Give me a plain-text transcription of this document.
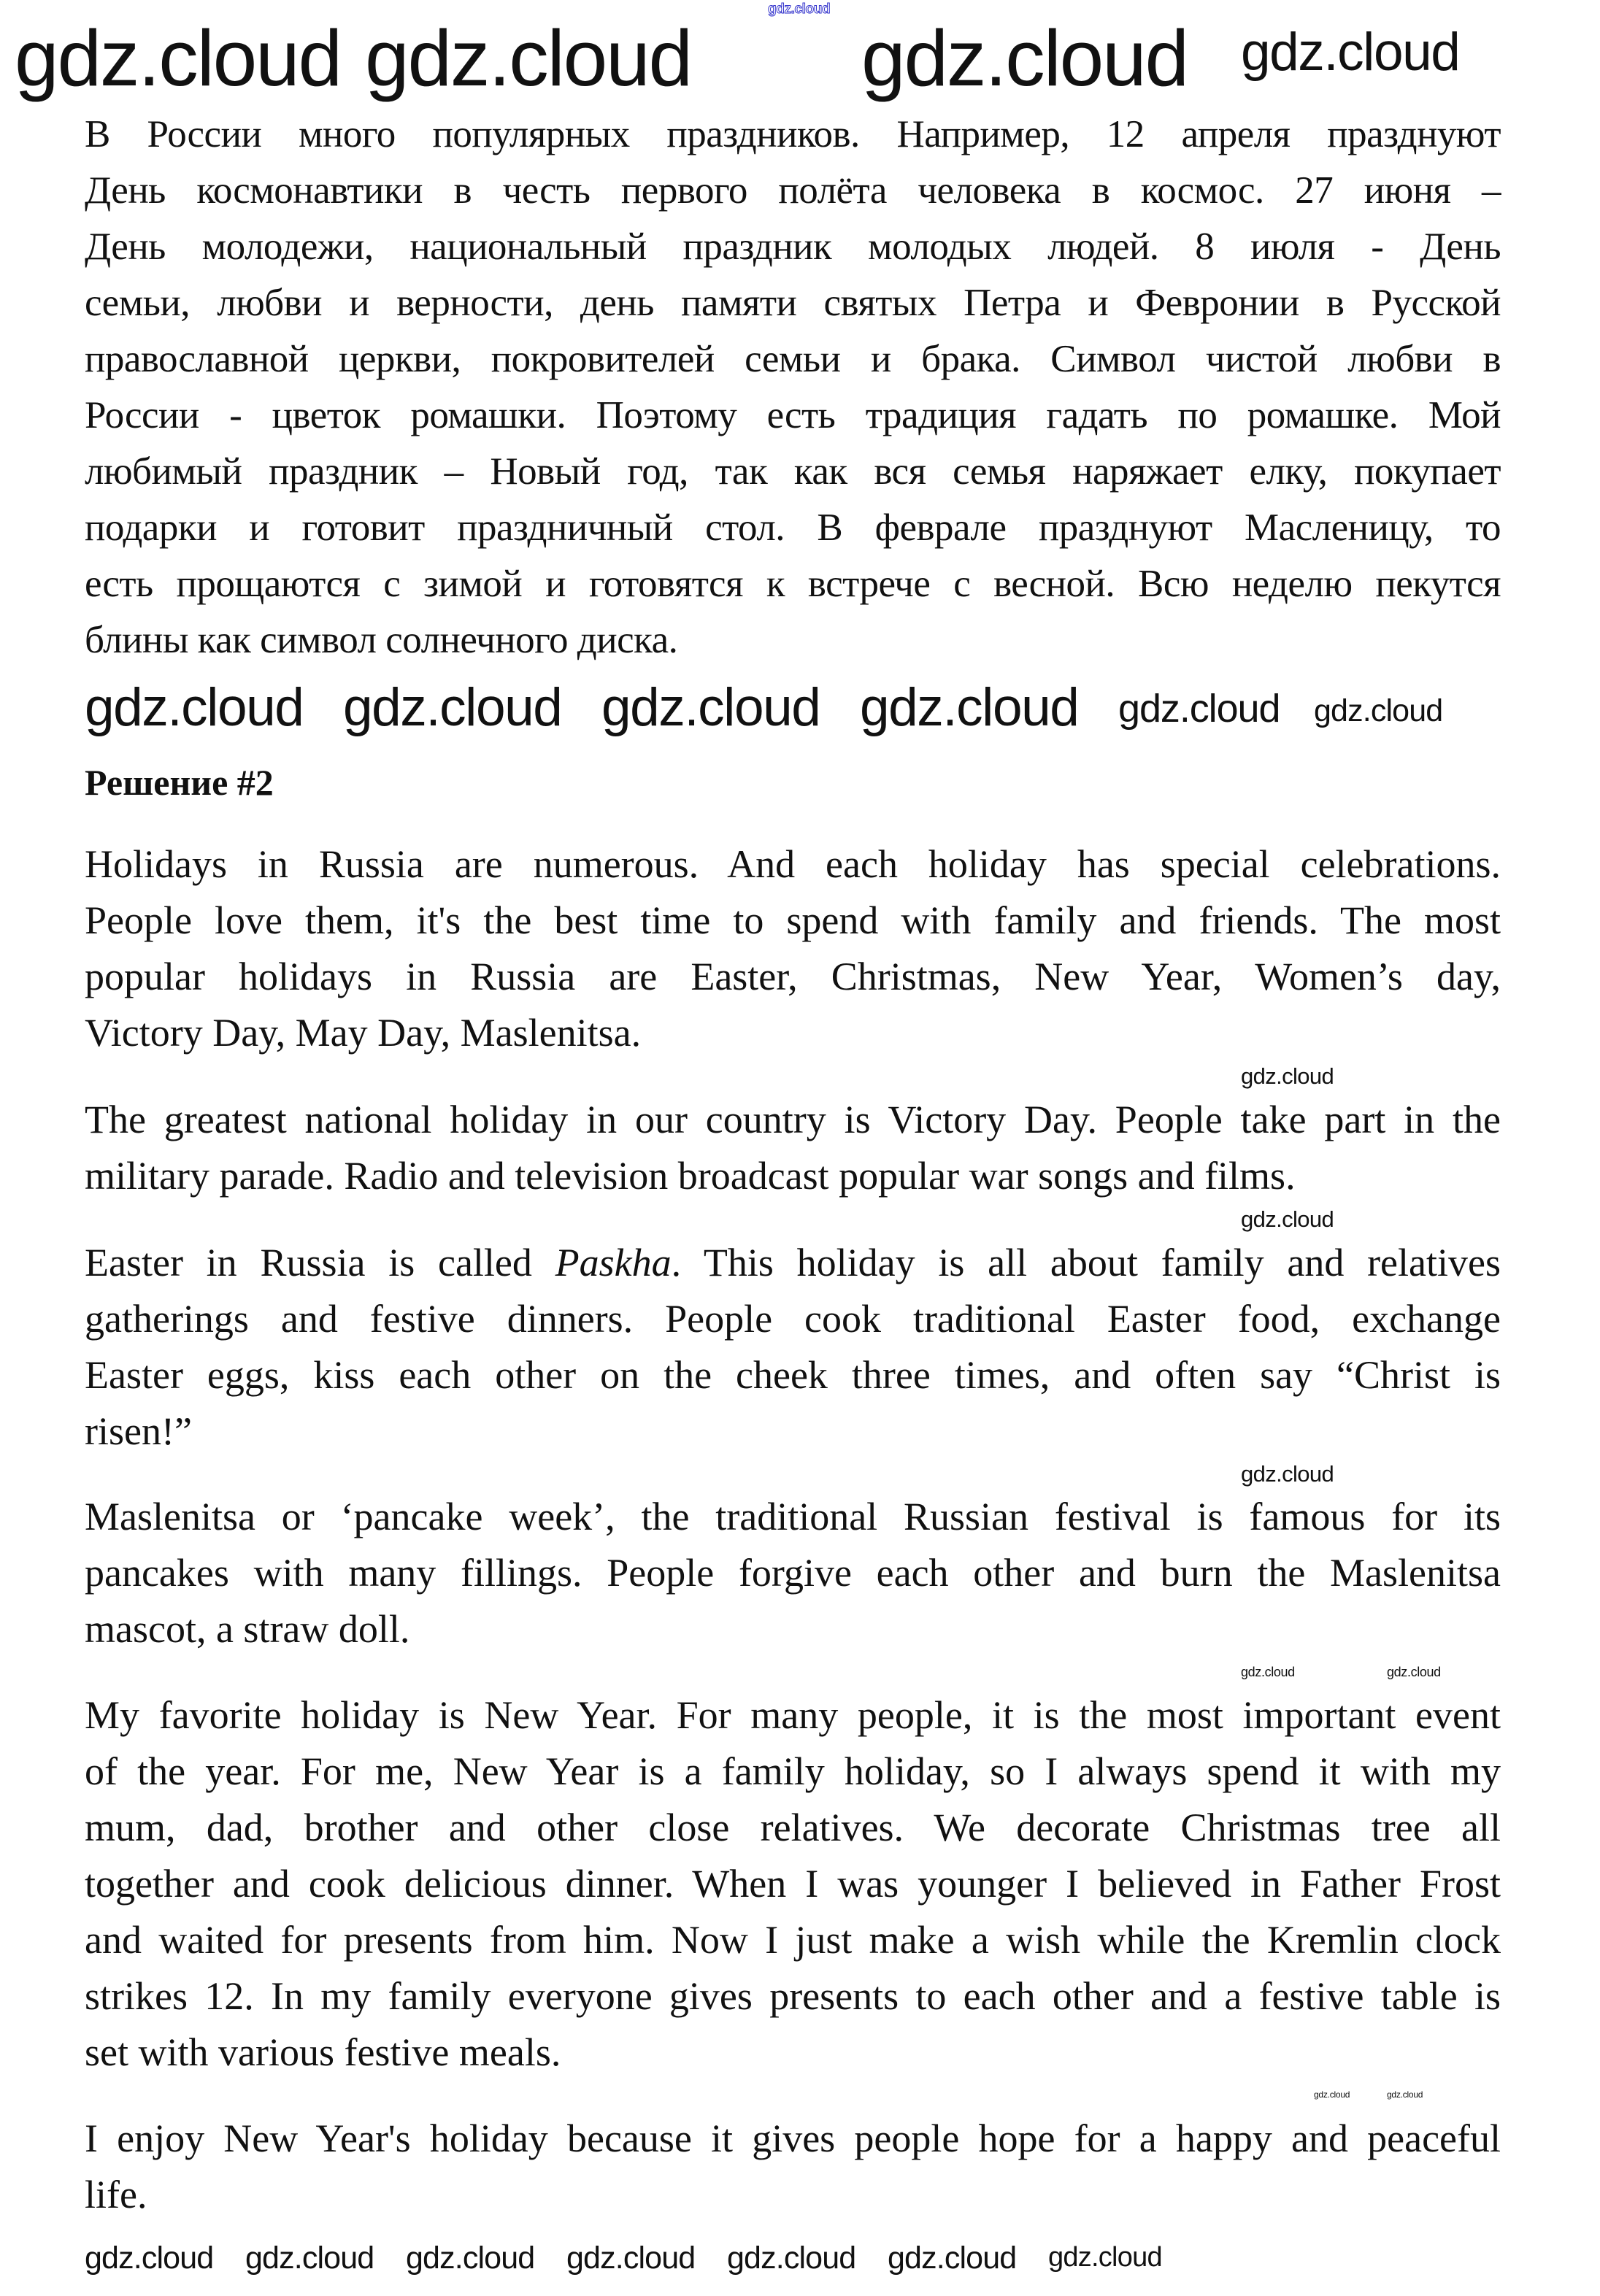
В России много популярных праздников. Например, 12 апреля празднуют
День космонавтики в честь первого полёта человека в космос. 27 июня –
День молодежи, национальный праздник молодых людей. 8 июля - День
семьи, любви и верности, день памяти святых Петра и Февронии в Русской
православной церкви, покровителей семьи и брака. Символ чистой любви в
России - цветок ромашки. Поэтому есть традиция гадать по ромашке. Мой
любимый праздник – Новый год, так как вся семья наряжает елку, покупает
подарки и готовит праздничный стол. В феврале празднуют Масленицу, то
есть прощаются с зимой и готовятся к встрече с весной. Всю неделю пекутся
блины как символ солнечного диска.
Решение #2
Holidays in Russia are numerous. And each holiday has special celebrations.
People love them, it's the best time to spend with family and friends. The most
popular holidays in Russia are Easter, Christmas, New Year, Women’s day,
Victory Day, May Day, Maslenitsa.
The greatest national holiday in our country is Victory Day. People take part in the
military parade. Radio and television broadcast popular war songs and films.
Easter in Russia is called Paskha. This holiday is all about family and relatives
gatherings and festive dinners. People cook traditional Easter food, exchange
Easter eggs, kiss each other on the cheek three times, and often say “Christ is
risen!”
Maslenitsa or ‘pancake week’, the traditional Russian festival is famous for its
pancakes with many fillings. People forgive each other and burn the Maslenitsa
mascot, a straw doll.
My favorite holiday is New Year. For many people, it is the most important event
of the year. For me, New Year is a family holiday, so I always spend it with my
mum, dad, brother and other close relatives. We decorate Christmas tree all
together and cook delicious dinner. When I was younger I believed in Father Frost
and waited for presents from him. Now I just make a wish while the Kremlin clock
strikes 12. In my family everyone gives presents to each other and a festive table is
set with various festive meals.
I enjoy New Year's holiday because it gives people hope for a happy and peaceful
life.
gdz.cloud gdz.cloud gdz.cloud gdz.cloud
gdz.cloud gdz.cloud gdz.cloud gdz.cloud gdz.cloud gdz.cloud
gdz.cloud
gdz.cloud
gdz.cloud
gdz.cloud	gdz.cloud
gdz.cloud	gdz.cloud
gdz.cloud gdz.cloud gdz.cloud gdz.cloud gdz.cloud gdz.cloud gdz.cloud
gdz.cloud
